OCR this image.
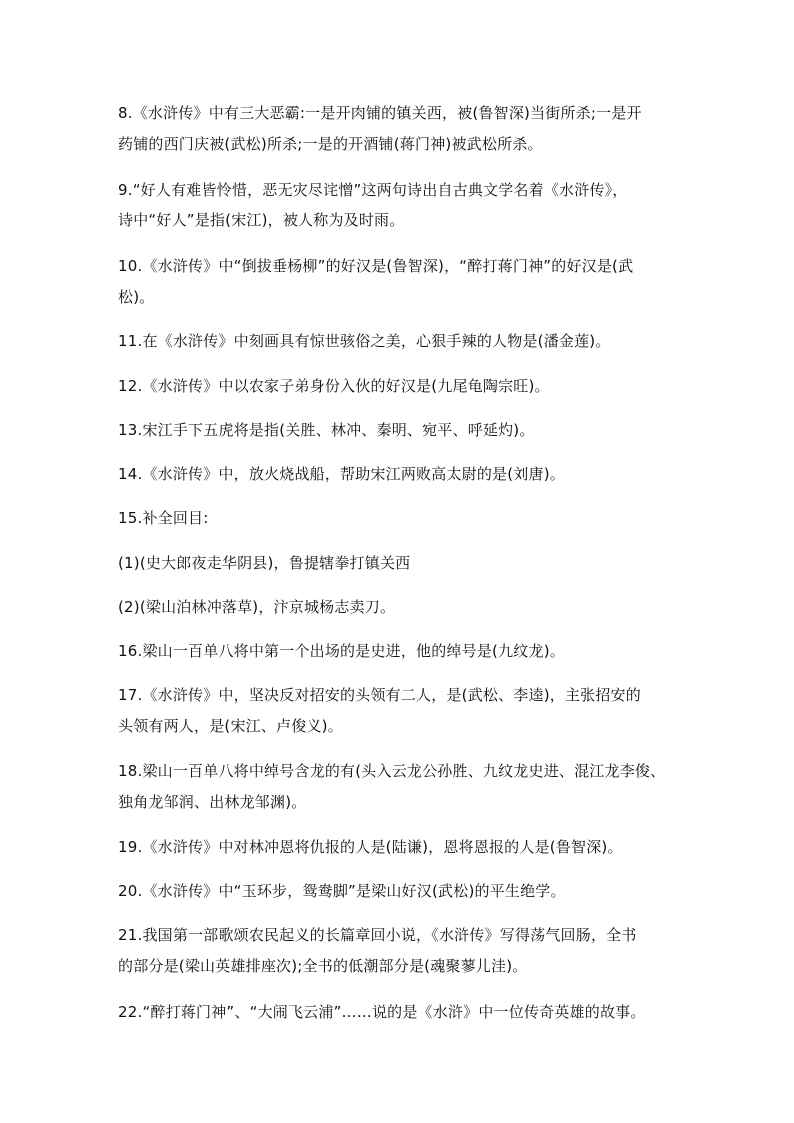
8.《水浒传》中有三大恶霸:一是开肉铺的镇关西，被(鲁智深)当街所杀;一是开
药铺的西门庆被(武松)所杀;一是的开酒铺(蒋门神)被武松所杀。
9.“好人有难皆怜惜，恶无灾尽诧憎”这两句诗出自古典文学名着《水浒传》，
诗中“好人”是指(宋江)，被人称为及时雨。
10.《水浒传》中“倒拔垂杨柳”的好汉是(鲁智深)，“醉打蒋门神”的好汉是(武
松)。
11.在《水浒传》中刻画具有惊世骇俗之美，心狠手辣的人物是(潘金莲)。
12.《水浒传》中以农家子弟身份入伙的好汉是(九尾龟陶宗旺)。
13.宋江手下五虎将是指(关胜、林冲、秦明、宛平、呼延灼)。
14.《水浒传》中，放火烧战船，帮助宋江两败高太尉的是(刘唐)。
15.补全回目:
(1)(史大郎夜走华阴县)，鲁提辖拳打镇关西
(2)(梁山泊林冲落草)，汴京城杨志卖刀。
16.梁山一百单八将中第一个出场的是史进，他的绰号是(九纹龙)。
17.《水浒传》中，坚决反对招安的头领有二人，是(武松、李逵)，主张招安的
头领有两人，是(宋江、卢俊义)。
18.梁山一百单八将中绰号含龙的有(头入云龙公孙胜、九纹龙史进、混江龙李俊、
独角龙邹润、出林龙邹渊)。
19.《水浒传》中对林冲恩将仇报的人是(陆谦)，恩将恩报的人是(鲁智深)。
20.《水浒传》中“玉环步，鸳鸯脚”是梁山好汉(武松)的平生绝学。
21.我国第一部歌颂农民起义的长篇章回小说，《水浒传》写得荡气回肠，全书
的部分是(梁山英雄排座次);全书的低潮部分是(魂聚蓼儿洼)。
22.“醉打蒋门神”、“大闹飞云浦”……说的是《水浒》中一位传奇英雄的故事。
